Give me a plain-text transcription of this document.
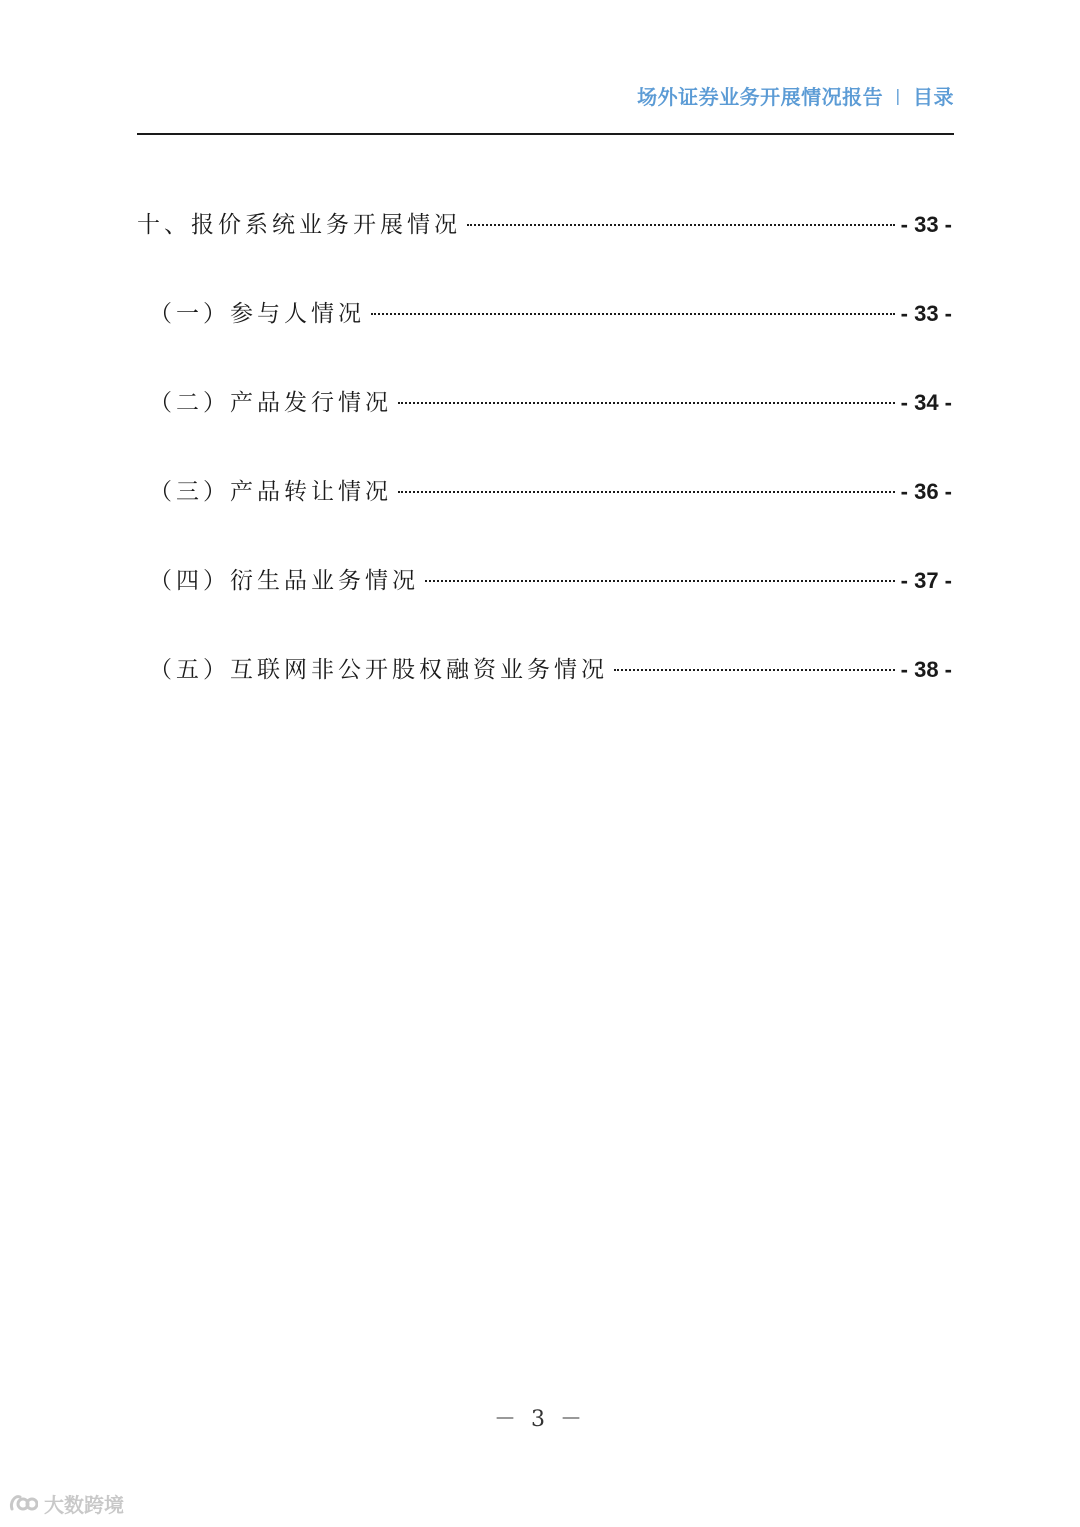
场外证券业务开展情况报告 | 目录
十、报价系统业务开展情况	- 33 -
（一）参与人情况	- 33 -
（二）产品发行情况	- 34 -
（三）产品转让情况	- 36 -
（四）衍生品业务情况	- 37 -
（五）互联网非公开股权融资业务情况	- 38 -
－ 3 －
大数跨境
